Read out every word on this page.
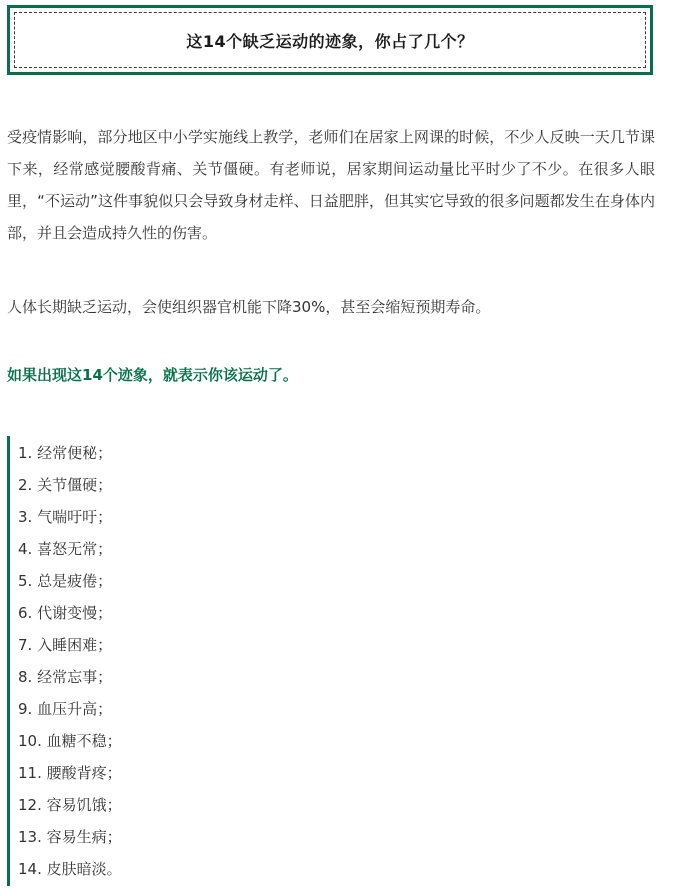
这14个缺乏运动的迹象，你占了几个？

受疫情影响，部分地区中小学实施线上教学，老师们在居家上网课的时候，不少人反映一天几节课下来，经常感觉腰酸背痛、关节僵硬。有老师说，居家期间运动量比平时少了不少。在很多人眼里，“不运动”这件事貌似只会导致身材走样、日益肥胖，但其实它导致的很多问题都发生在身体内部，并且会造成持久性的伤害。

人体长期缺乏运动，会使组织器官机能下降30%，甚至会缩短预期寿命。

如果出现这14个迹象，就表示你该运动了。
1. 经常便秘；
2. 关节僵硬；
3. 气喘吁吁；
4. 喜怒无常；
5. 总是疲倦；
6. 代谢变慢；
7. 入睡困难；
8. 经常忘事；
9. 血压升高；
10. 血糖不稳；
11. 腰酸背疼；
12. 容易饥饿；
13. 容易生病；
14. 皮肤暗淡。
